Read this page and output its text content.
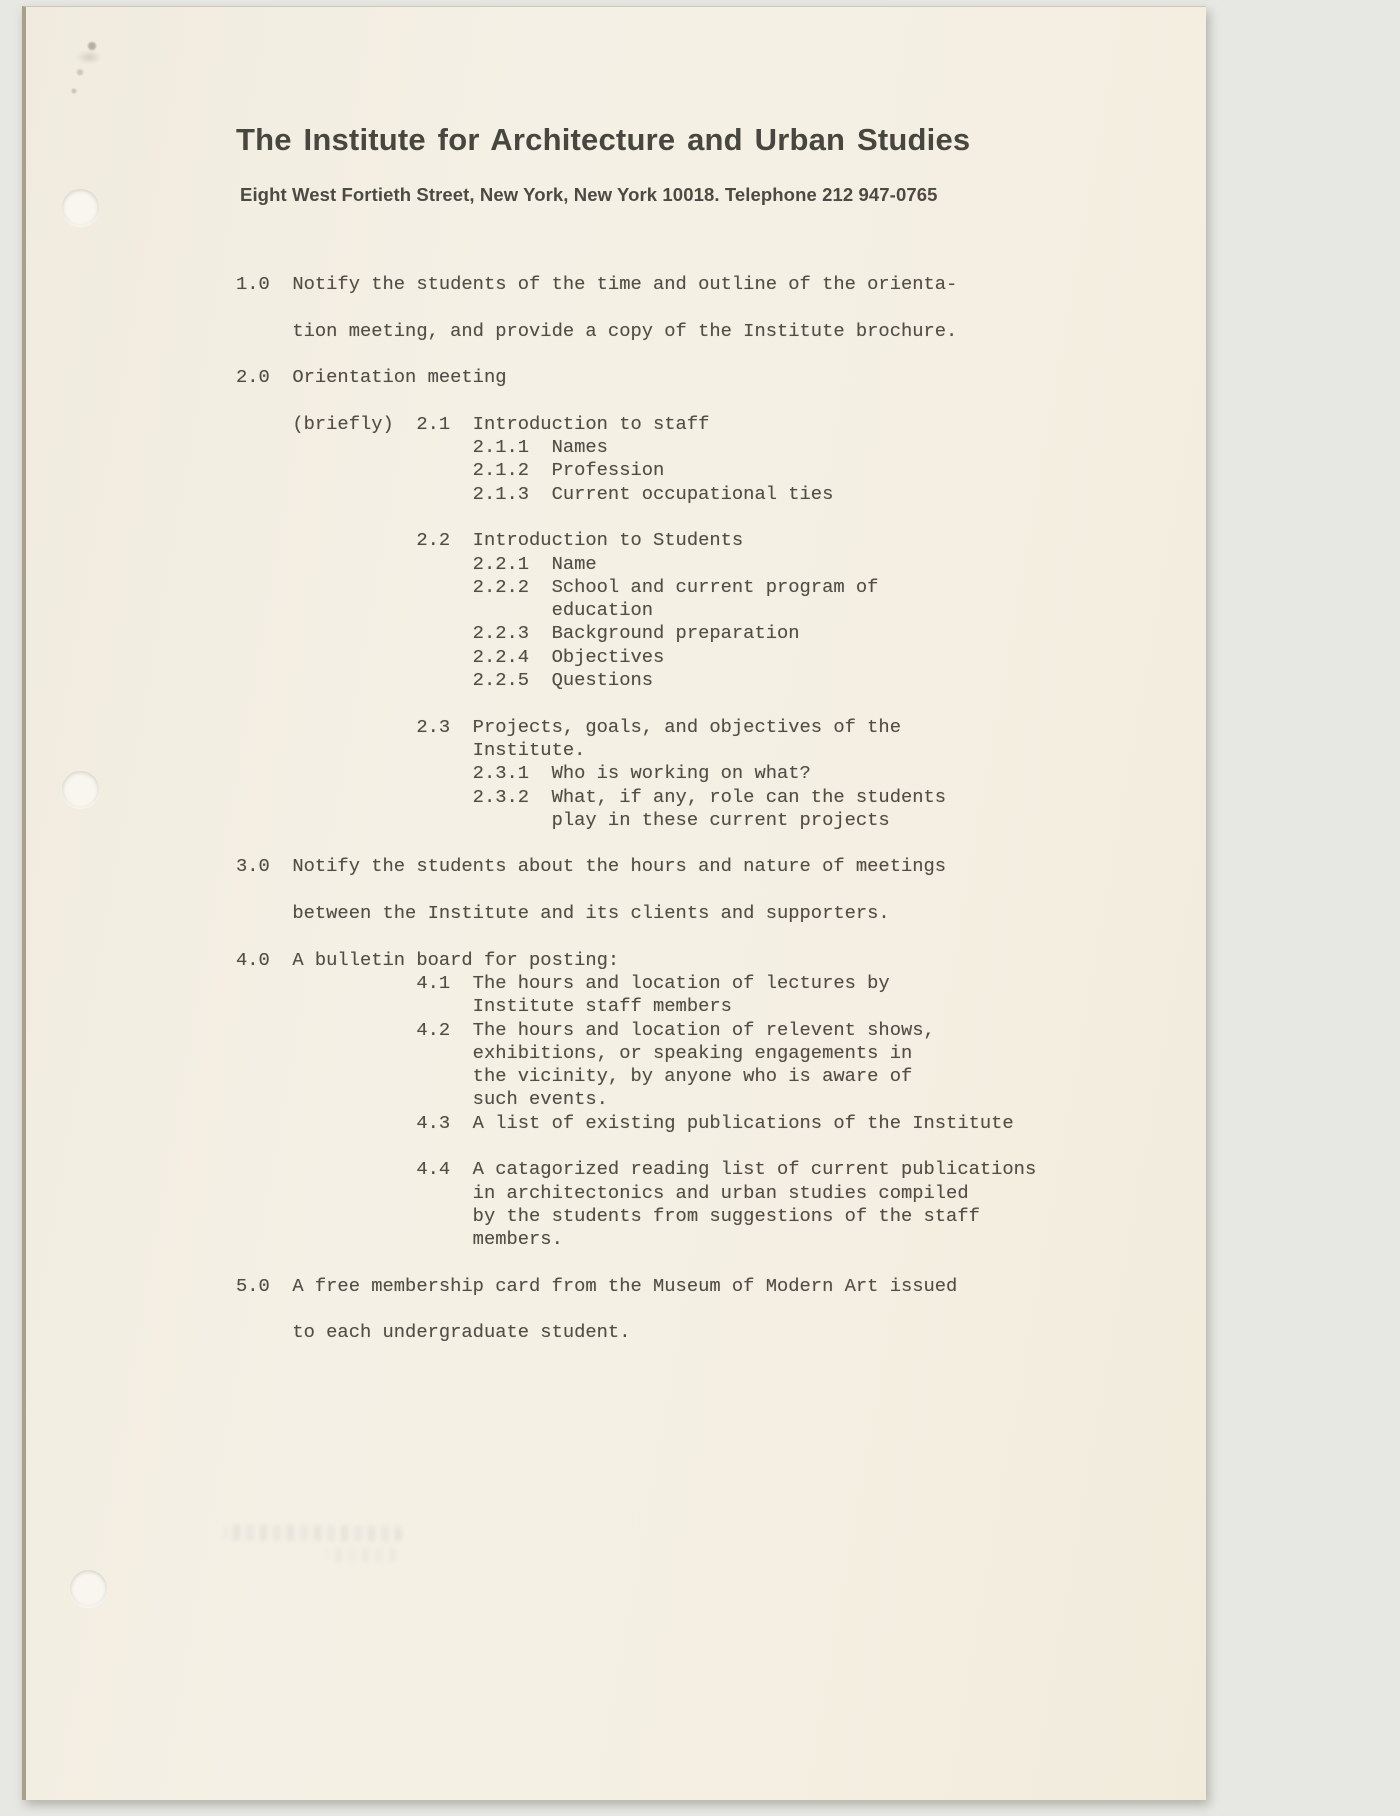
The Institute for Architecture and Urban Studies

Eight West Fortieth Street, New York, New York 10018. Telephone 212 947-0765

1.0  Notify the students of the time and outline of the orienta-

tion meeting, and provide a copy of the Institute brochure.

2.0  Orientation meeting

(briefly)  2.1  Introduction to staff
2.1.1  Names
2.1.2  Profession
2.1.3  Current occupational ties

2.2  Introduction to Students
2.2.1  Name
2.2.2  School and current program of
education
2.2.3  Background preparation
2.2.4  Objectives
2.2.5  Questions

2.3  Projects, goals, and objectives of the
Institute.
2.3.1  Who is working on what?
2.3.2  What, if any, role can the students
play in these current projects

3.0  Notify the students about the hours and nature of meetings

between the Institute and its clients and supporters.

4.0  A bulletin board for posting:
4.1  The hours and location of lectures by
Institute staff members
4.2  The hours and location of relevent shows,
exhibitions, or speaking engagements in
the vicinity, by anyone who is aware of
such events.
4.3  A list of existing publications of the Institute

4.4  A catagorized reading list of current publications
in architectonics and urban studies compiled
by the students from suggestions of the staff
members.

5.0  A free membership card from the Museum of Modern Art issued

to each undergraduate student.
